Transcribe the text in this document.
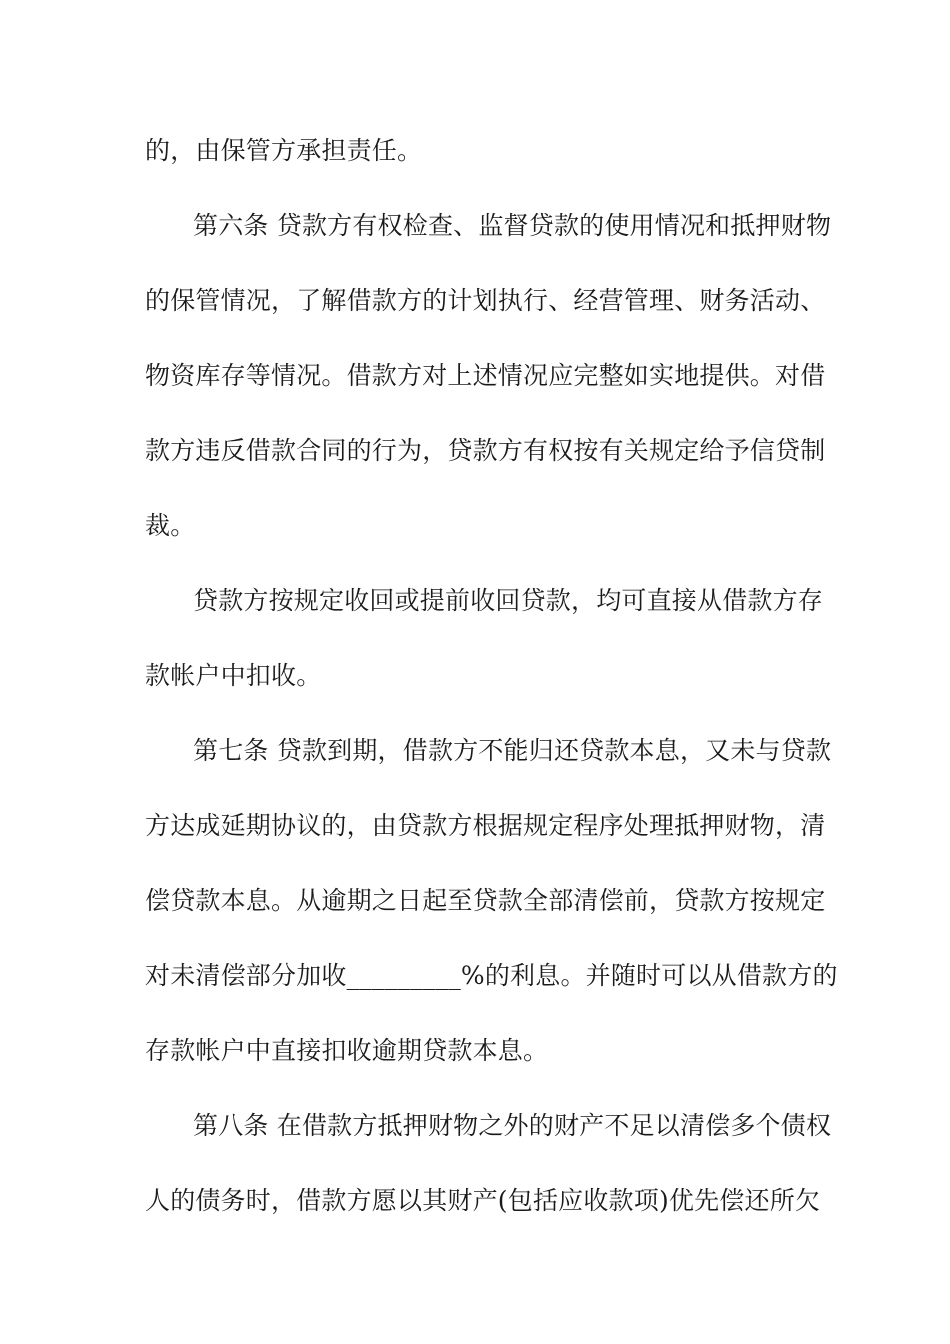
的，由保管方承担责任。
第六条 贷款方有权检查、监督贷款的使用情况和抵押财物
的保管情况，了解借款方的计划执行、经营管理、财务活动、
物资库存等情况。借款方对上述情况应完整如实地提供。对借
款方违反借款合同的行为，贷款方有权按有关规定给予信贷制
裁。
贷款方按规定收回或提前收回贷款，均可直接从借款方存
款帐户中扣收。
第七条 贷款到期，借款方不能归还贷款本息，又未与贷款
方达成延期协议的，由贷款方根据规定程序处理抵押财物，清
偿贷款本息。从逾期之日起至贷款全部清偿前，贷款方按规定
对未清偿部分加收_________%的利息。并随时可以从借款方的
存款帐户中直接扣收逾期贷款本息。
第八条 在借款方抵押财物之外的财产不足以清偿多个债权
人的债务时，借款方愿以其财产(包括应收款项)优先偿还所欠
